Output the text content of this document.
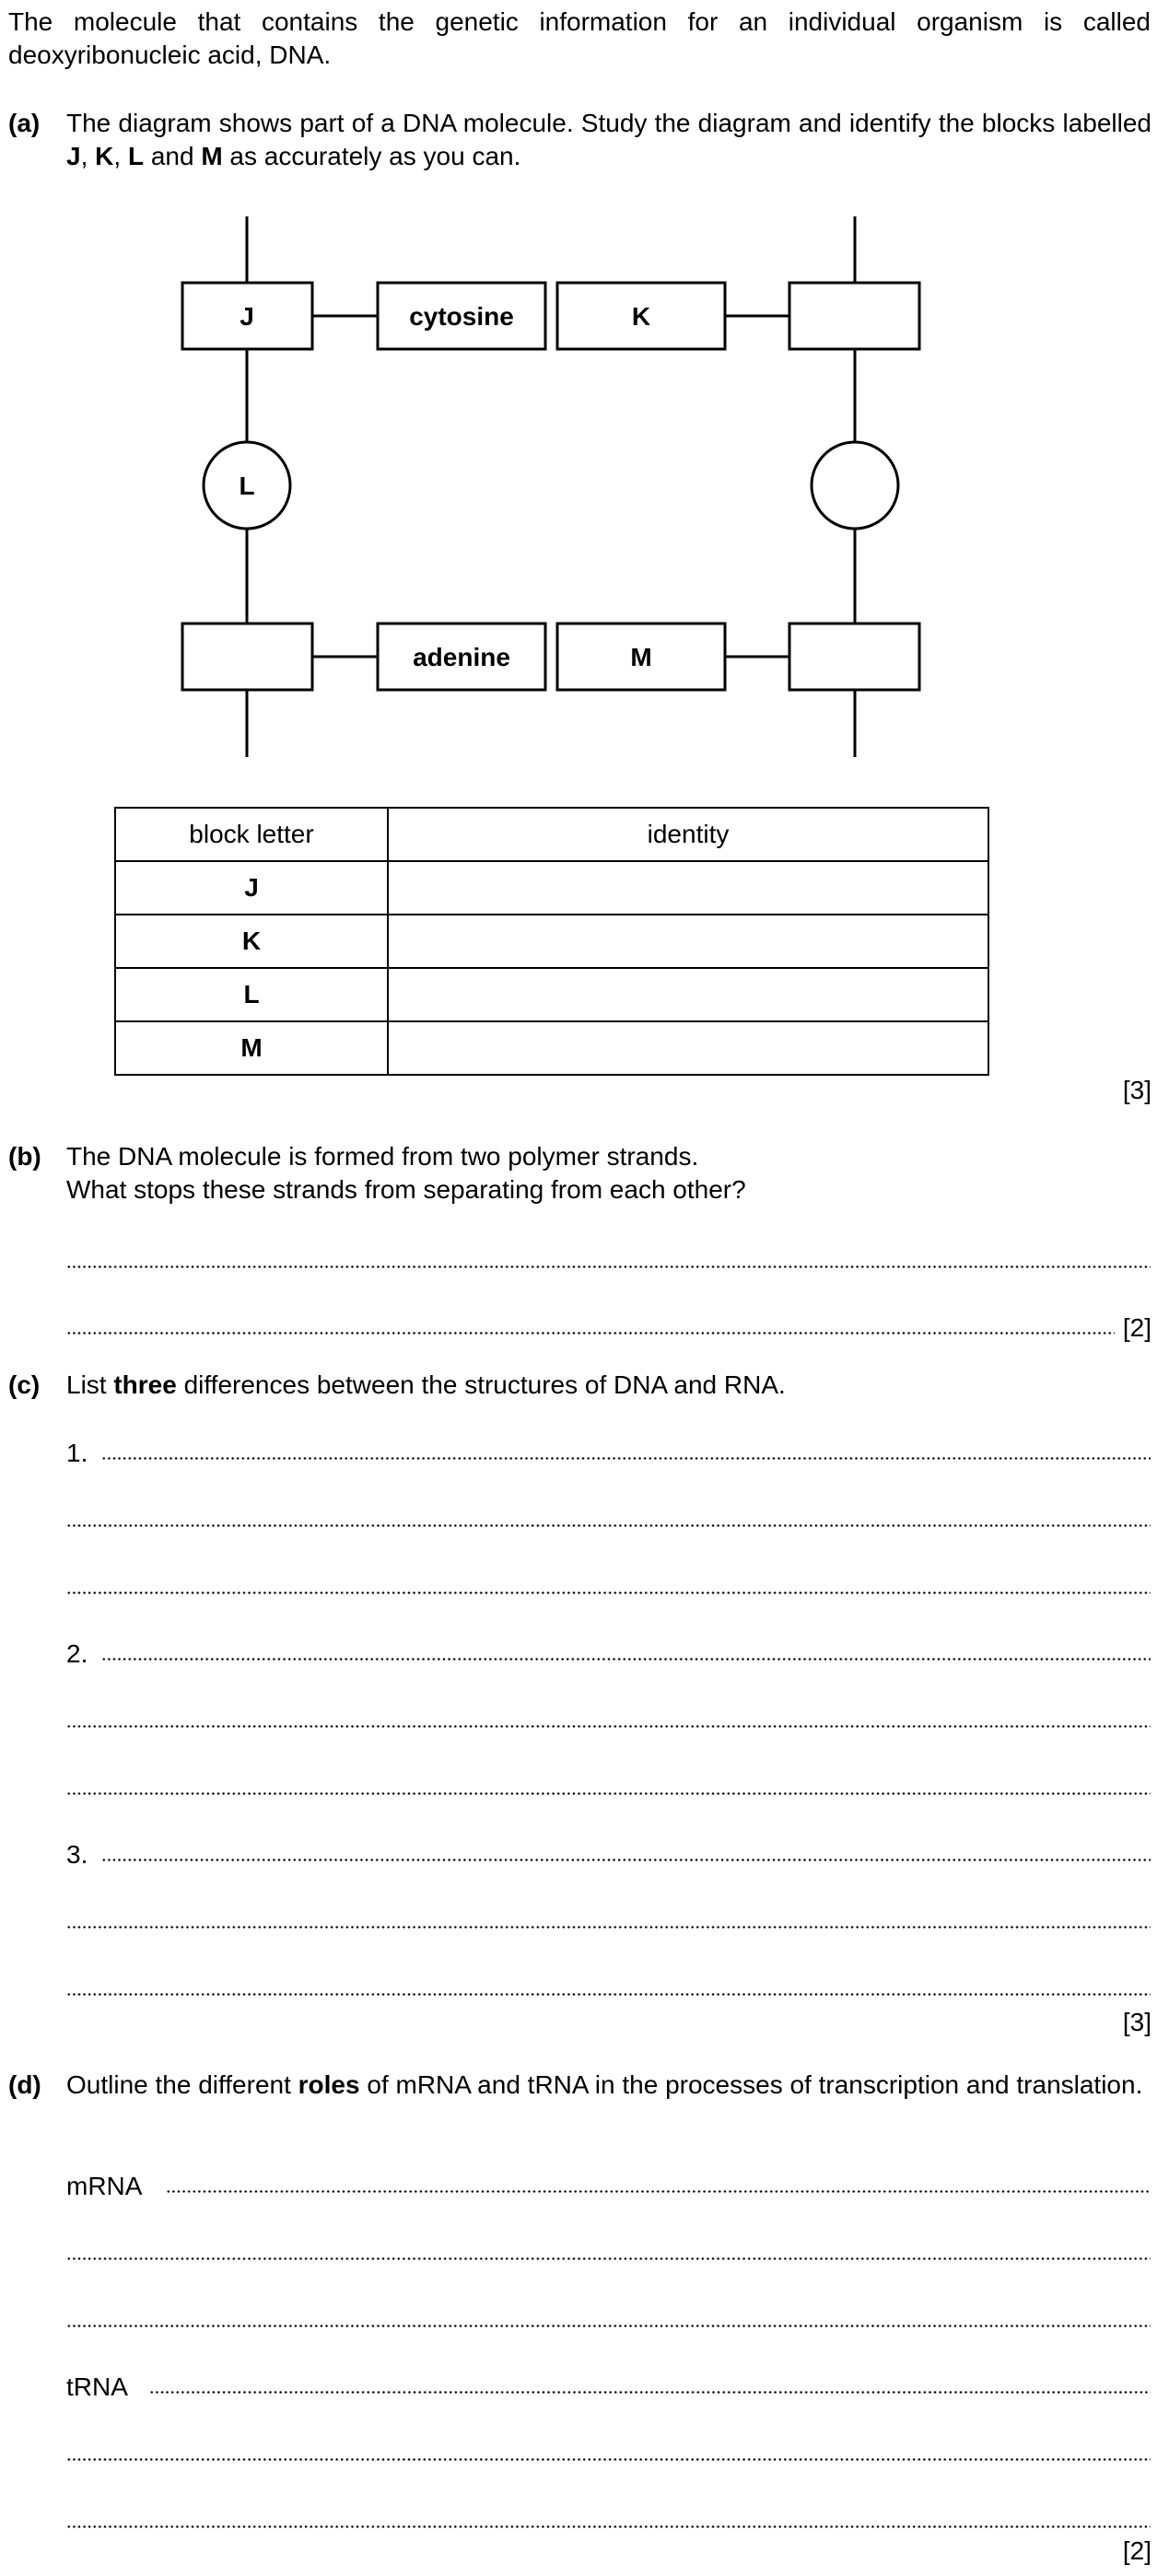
The molecule that contains the genetic information for an individual organism is called deoxyribonucleic acid, DNA.
(a) The diagram shows part of a DNA molecule. Study the diagram and identify the blocks labelled J, K, L and M as accurately as you can.
J	cytosine	K
L
adenine	M
block letter	identity
J	
K	
L	
M	
[3]
(b) The DNA molecule is formed from two polymer strands.
What stops these strands from separating from each other?
[2]
(c) List three differences between the structures of DNA and RNA.
1.
2.
3.
[3]
(d) Outline the different roles of mRNA and tRNA in the processes of transcription and translation.
mRNA
tRNA
[2]
